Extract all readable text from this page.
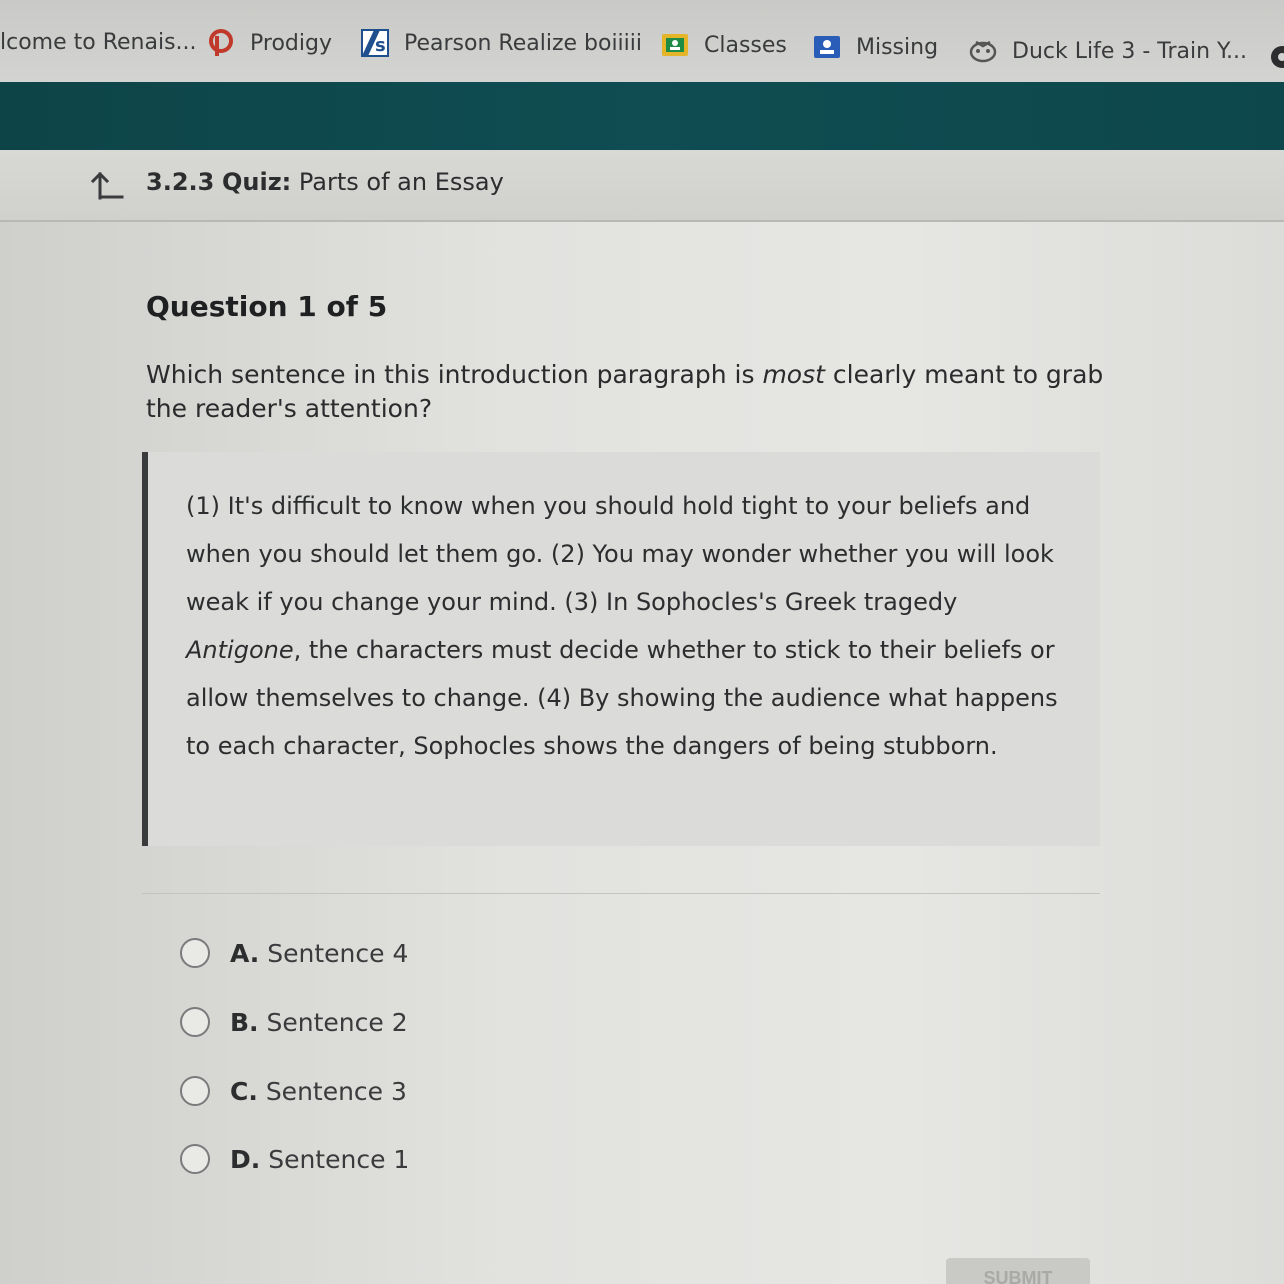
lcome to Renais... Prodigy s Pearson Realize boiiiii	Classes	Missing	Duck Life 3 - Train Y...
3.2.3 Quiz: Parts of an Essay
Question 1 of 5
Which sentence in this introduction paragraph is most clearly meant to grab the reader's attention?
(1) It's difficult to know when you should hold tight to your beliefs and when you should let them go. (2) You may wonder whether you will look weak if you change your mind. (3) In Sophocles's Greek tragedy Antigone, the characters must decide whether to stick to their beliefs or allow themselves to change. (4) By showing the audience what happens to each character, Sophocles shows the dangers of being stubborn.
A. Sentence 4
B. Sentence 2
C. Sentence 3
D. Sentence 1
SUBMIT
